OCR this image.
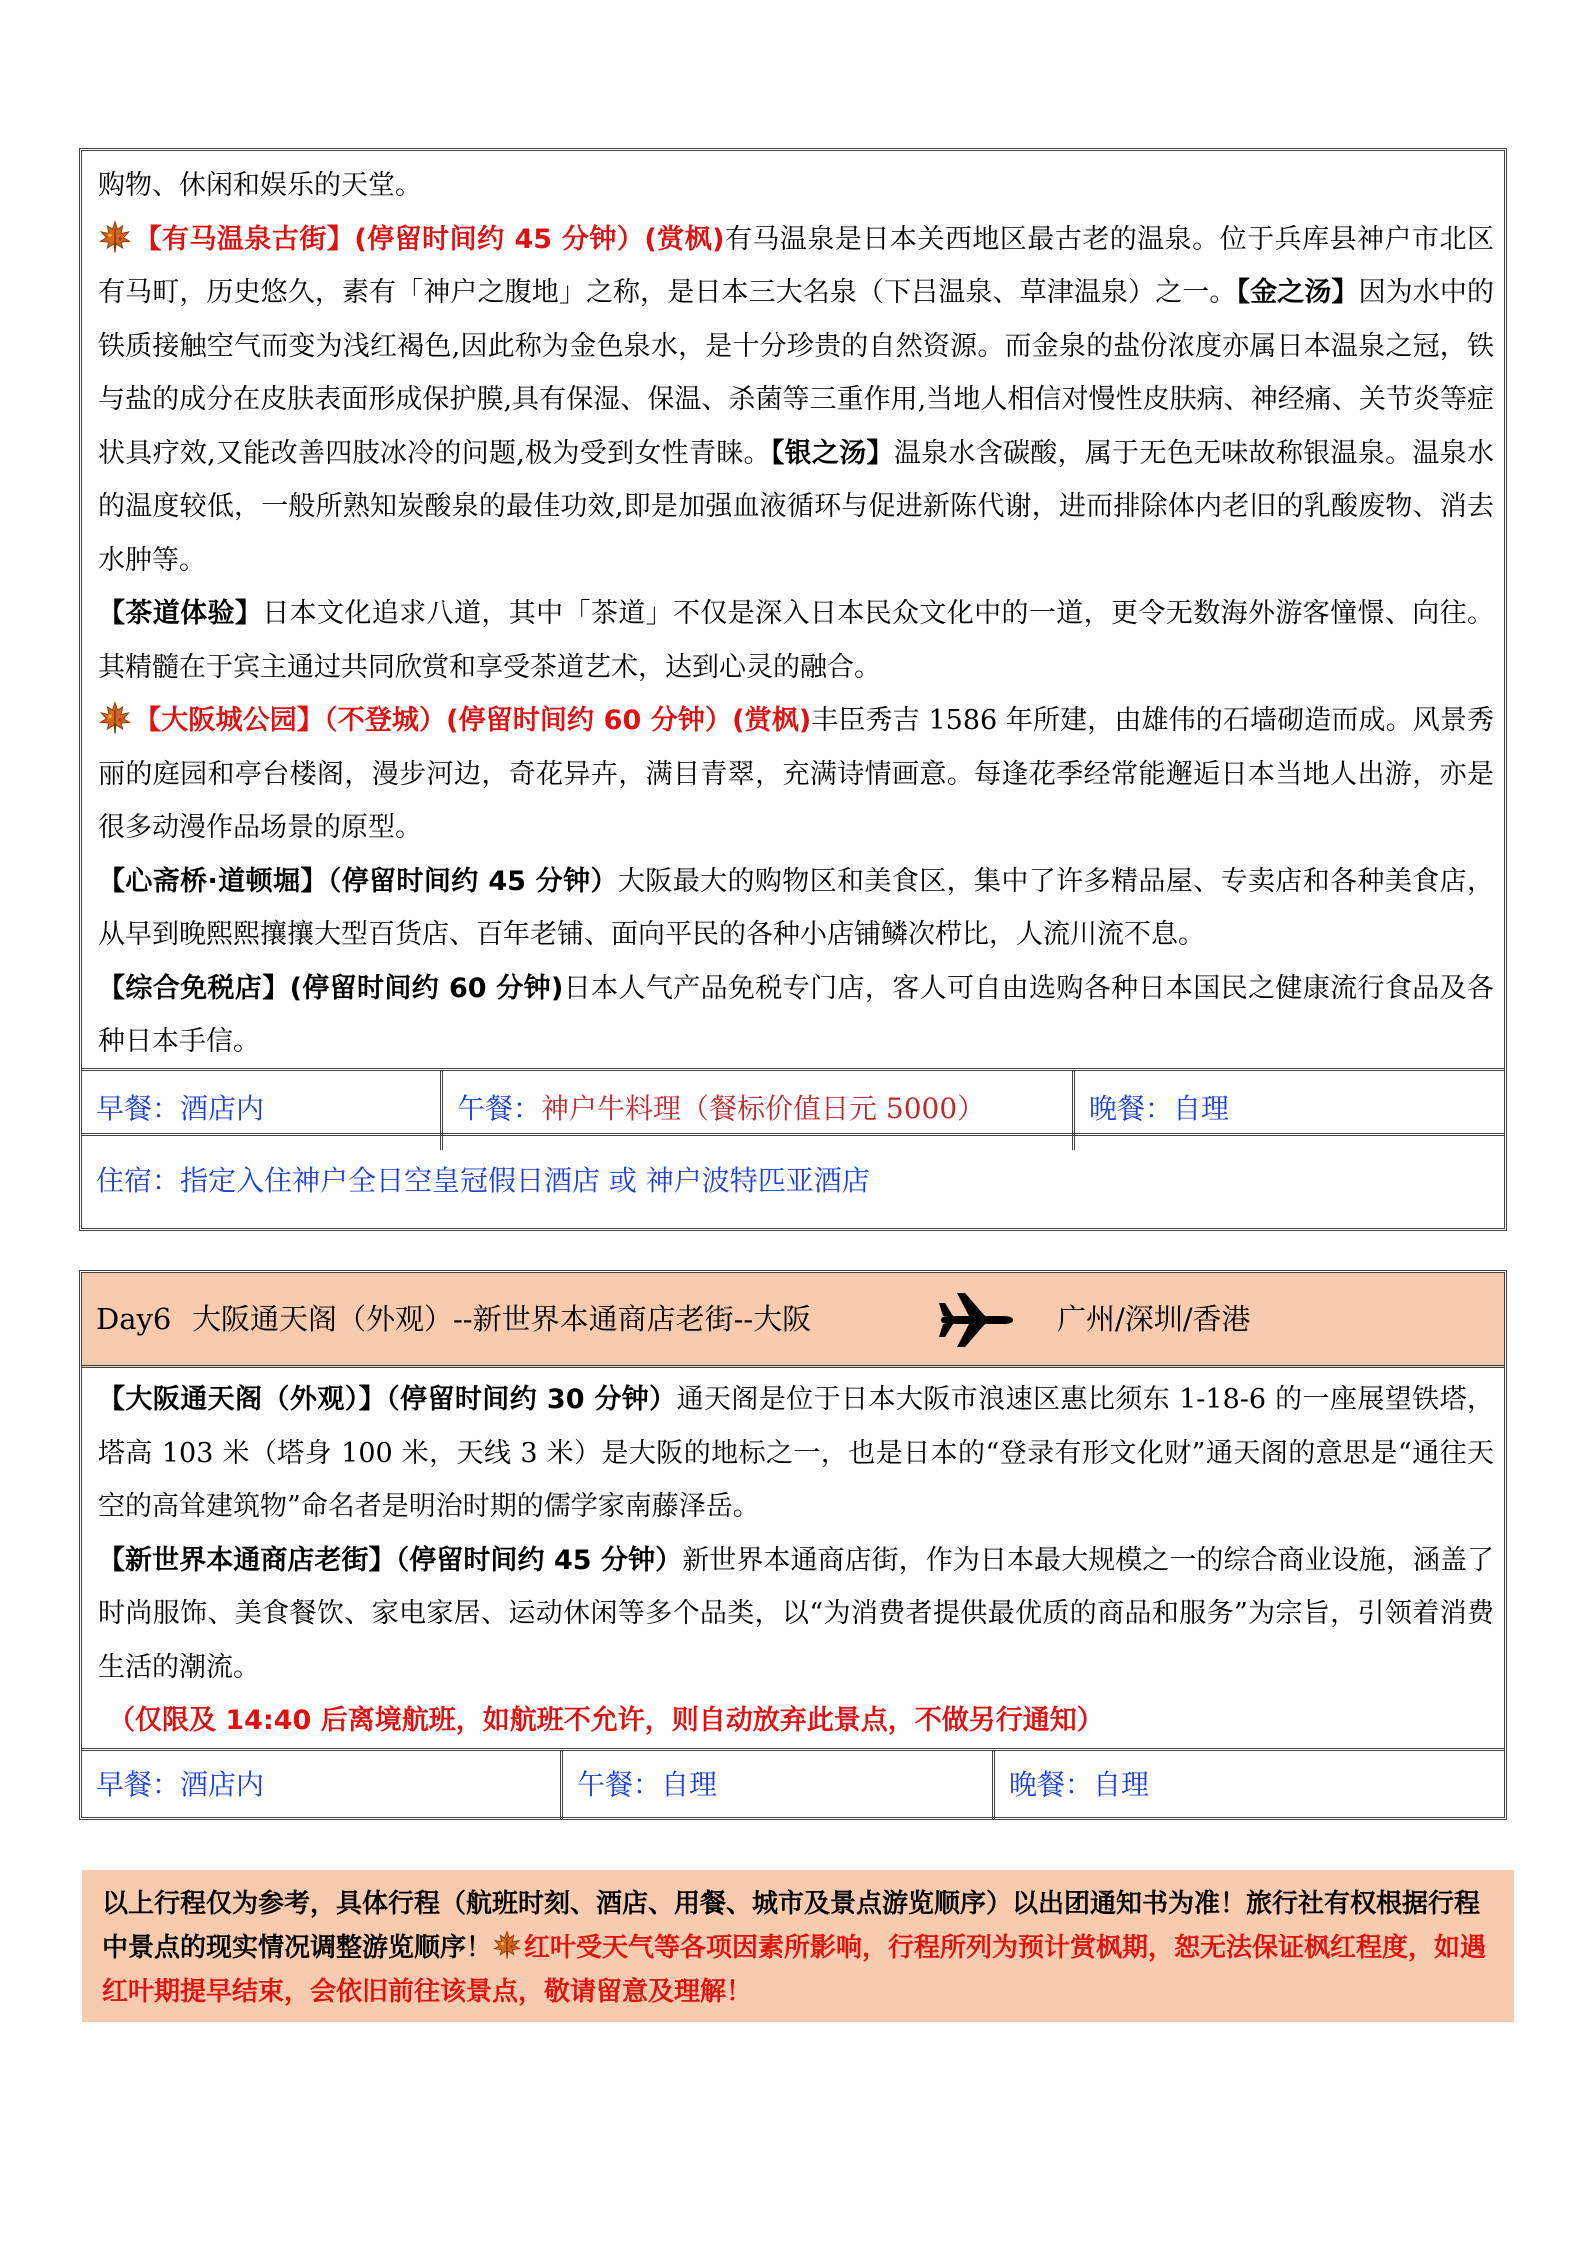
购物、休闲和娱乐的天堂。

【有马温泉古街】(停留时间约 45 分钟）(赏枫)有马温泉是日本关西地区最古老的温泉。位于兵库县神户市北区有马町，历史悠久，素有「神户之腹地」之称，是日本三大名泉（下吕温泉、草津温泉）之一。【金之汤】因为水中的铁质接触空气而变为浅红褐色,因此称为金色泉水，是十分珍贵的自然资源。而金泉的盐份浓度亦属日本温泉之冠，铁与盐的成分在皮肤表面形成保护膜,具有保湿、保温、杀菌等三重作用,当地人相信对慢性皮肤病、神经痛、关节炎等症状具疗效,又能改善四肢冰冷的问题,极为受到女性青睐。【银之汤】温泉水含碳酸，属于无色无味故称银温泉。温泉水的温度较低，一般所熟知炭酸泉的最佳功效,即是加强血液循环与促进新陈代谢，进而排除体内老旧的乳酸废物、消去水肿等。

【茶道体验】日本文化追求八道，其中「茶道」不仅是深入日本民众文化中的一道，更令无数海外游客憧憬、向往。其精髓在于宾主通过共同欣赏和享受茶道艺术，达到心灵的融合。

【大阪城公园】（不登城）(停留时间约 60 分钟）(赏枫)丰臣秀吉 1586 年所建，由雄伟的石墙砌造而成。风景秀丽的庭园和亭台楼阁，漫步河边，奇花异卉，满目青翠，充满诗情画意。每逢花季经常能邂逅日本当地人出游，亦是很多动漫作品场景的原型。

【心斋桥·道顿堀】（停留时间约 45 分钟）大阪最大的购物区和美食区，集中了许多精品屋、专卖店和各种美食店，从早到晚熙熙攘攘大型百货店、百年老铺、面向平民的各种小店铺鳞次栉比，人流川流不息。

【综合免税店】(停留时间约 60 分钟)日本人气产品免税专门店，客人可自由选购各种日本国民之健康流行食品及各种日本手信。

早餐：酒店内	午餐：神户牛料理（餐标价值日元 5000）	晚餐：自理
住宿：指定入住神户全日空皇冠假日酒店 或 神户波特匹亚酒店
Day6 大阪通天阁（外观）--新世界本通商店老街--大阪	广州/深圳/香港

【大阪通天阁（外观）】（停留时间约 30 分钟）通天阁是位于日本大阪市浪速区惠比须东 1-18-6 的一座展望铁塔，塔高 103 米（塔身 100 米，天线 3 米）是大阪的地标之一，也是日本的“登录有形文化财”通天阁的意思是“通往天空的高耸建筑物”命名者是明治时期的儒学家南藤泽岳。

【新世界本通商店老街】（停留时间约 45 分钟）新世界本通商店街，作为日本最大规模之一的综合商业设施，涵盖了时尚服饰、美食餐饮、家电家居、运动休闲等多个品类，以“为消费者提供最优质的商品和服务”为宗旨，引领着消费生活的潮流。

（仅限及 14:40 后离境航班，如航班不允许，则自动放弃此景点，不做另行通知）

早餐：酒店内	午餐：自理	晚餐：自理
以上行程仅为参考，具体行程（航班时刻、酒店、用餐、城市及景点游览顺序）以出团通知书为准！旅行社有权根据行程中景点的现实情况调整游览顺序！ 红叶受天气等各项因素所影响，行程所列为预计赏枫期，恕无法保证枫红程度，如遇红叶期提早结束，会依旧前往该景点，敬请留意及理解！
